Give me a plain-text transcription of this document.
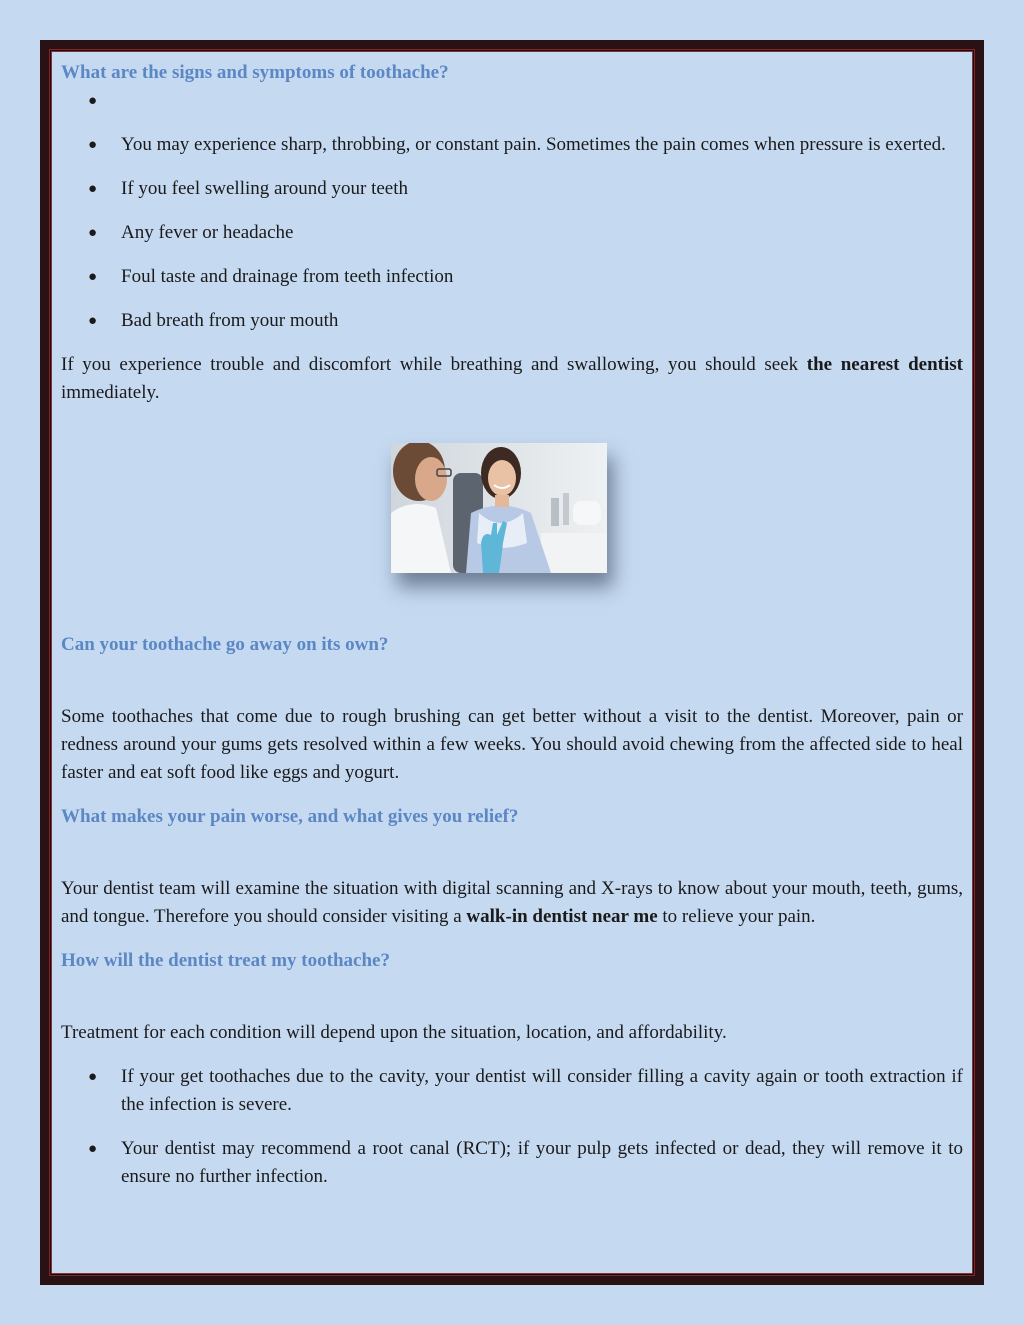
What are the signs and symptoms of toothache?
●
● You may experience sharp, throbbing, or constant pain. Sometimes the pain comes when pressure is exerted.
● If you feel swelling around your teeth
● Any fever or headache
● Foul taste and drainage from teeth infection
● Bad breath from your mouth

If you experience trouble and discomfort while breathing and swallowing, you should seek the nearest dentist immediately.

Can your toothache go away on its own?

Some toothaches that come due to rough brushing can get better without a visit to the dentist. Moreover, pain or redness around your gums gets resolved within a few weeks. You should avoid chewing from the affected side to heal faster and eat soft food like eggs and yogurt.

What makes your pain worse, and what gives you relief?

Your dentist team will examine the situation with digital scanning and X-rays to know about your mouth, teeth, gums, and tongue. Therefore you should consider visiting a walk-in dentist near me to relieve your pain.

How will the dentist treat my toothache?

Treatment for each condition will depend upon the situation, location, and affordability.

● If your get toothaches due to the cavity, your dentist will consider filling a cavity again or tooth extraction if the infection is severe.
● Your dentist may recommend a root canal (RCT); if your pulp gets infected or dead, they will remove it to ensure no further infection.
